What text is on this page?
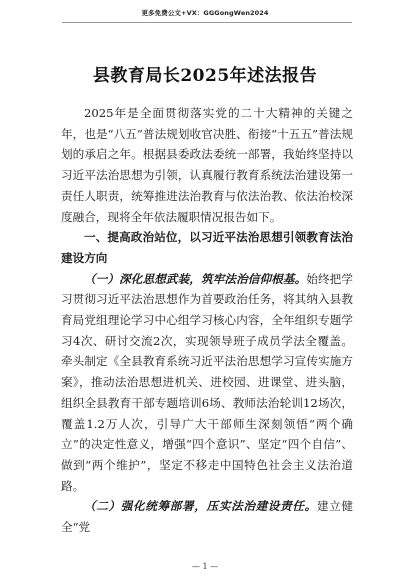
更多免费公文+VX：GGGongWen2024
县教育局长2025年述法报告

2025年是全面贯彻落实党的二十大精神的关键之年，也是“八五”普法规划收官决胜、衔接“十五五”普法规划的承启之年。根据县委政法委统一部署，我始终坚持以习近平法治思想为引领，认真履行教育系统法治建设第一责任人职责，统筹推进法治教育与依法治教、依法治校深度融合，现将全年依法履职情况报告如下。

一、提高政治站位，以习近平法治思想引领教育法治建设方向

（一）深化思想武装，筑牢法治信仰根基。始终把学习贯彻习近平法治思想作为首要政治任务，将其纳入县教育局党组理论学习中心组学习核心内容，全年组织专题学习4次、研讨交流2次，实现领导班子成员学法全覆盖。牵头制定《全县教育系统习近平法治思想学习宣传实施方案》，推动法治思想进机关、进校园、进课堂、进头脑，组织全县教育干部专题培训6场、教师法治轮训12场次，覆盖1.2万人次，引导广大干部师生深刻领悟“两个确立”的决定性意义，增强“四个意识”、坚定“四个自信”、做到“两个维护”，坚定不移走中国特色社会主义法治道路。

（二）强化统筹部署，压实法治建设责任。建立健全“党

— 1 —
